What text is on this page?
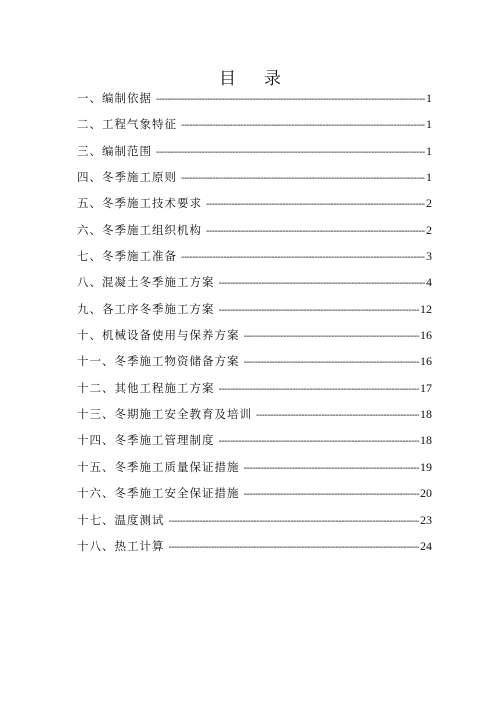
目 录
一、编制依据 -----	1
二、工程气象特征 -----	1
三、编制范围 -----	1
四、冬季施工原则 -----	1
五、冬季施工技术要求 -----	2
六、冬季施工组织机构 -----	2
七、冬季施工准备 -----	3
八、混凝土冬季施工方案 -----	4
九、各工序冬季施工方案 -----	12
十、机械设备使用与保养方案 -----	16
十一、冬季施工物资储备方案 -----	16
十二、其他工程施工方案 -----	17
十三、冬期施工安全教育及培训 -----	18
十四、冬季施工管理制度 -----	18
十五、冬季施工质量保证措施 -----	19
十六、冬季施工安全保证措施 -----	20
十七、温度测试 -----	23
十八、热工计算 -----	24
